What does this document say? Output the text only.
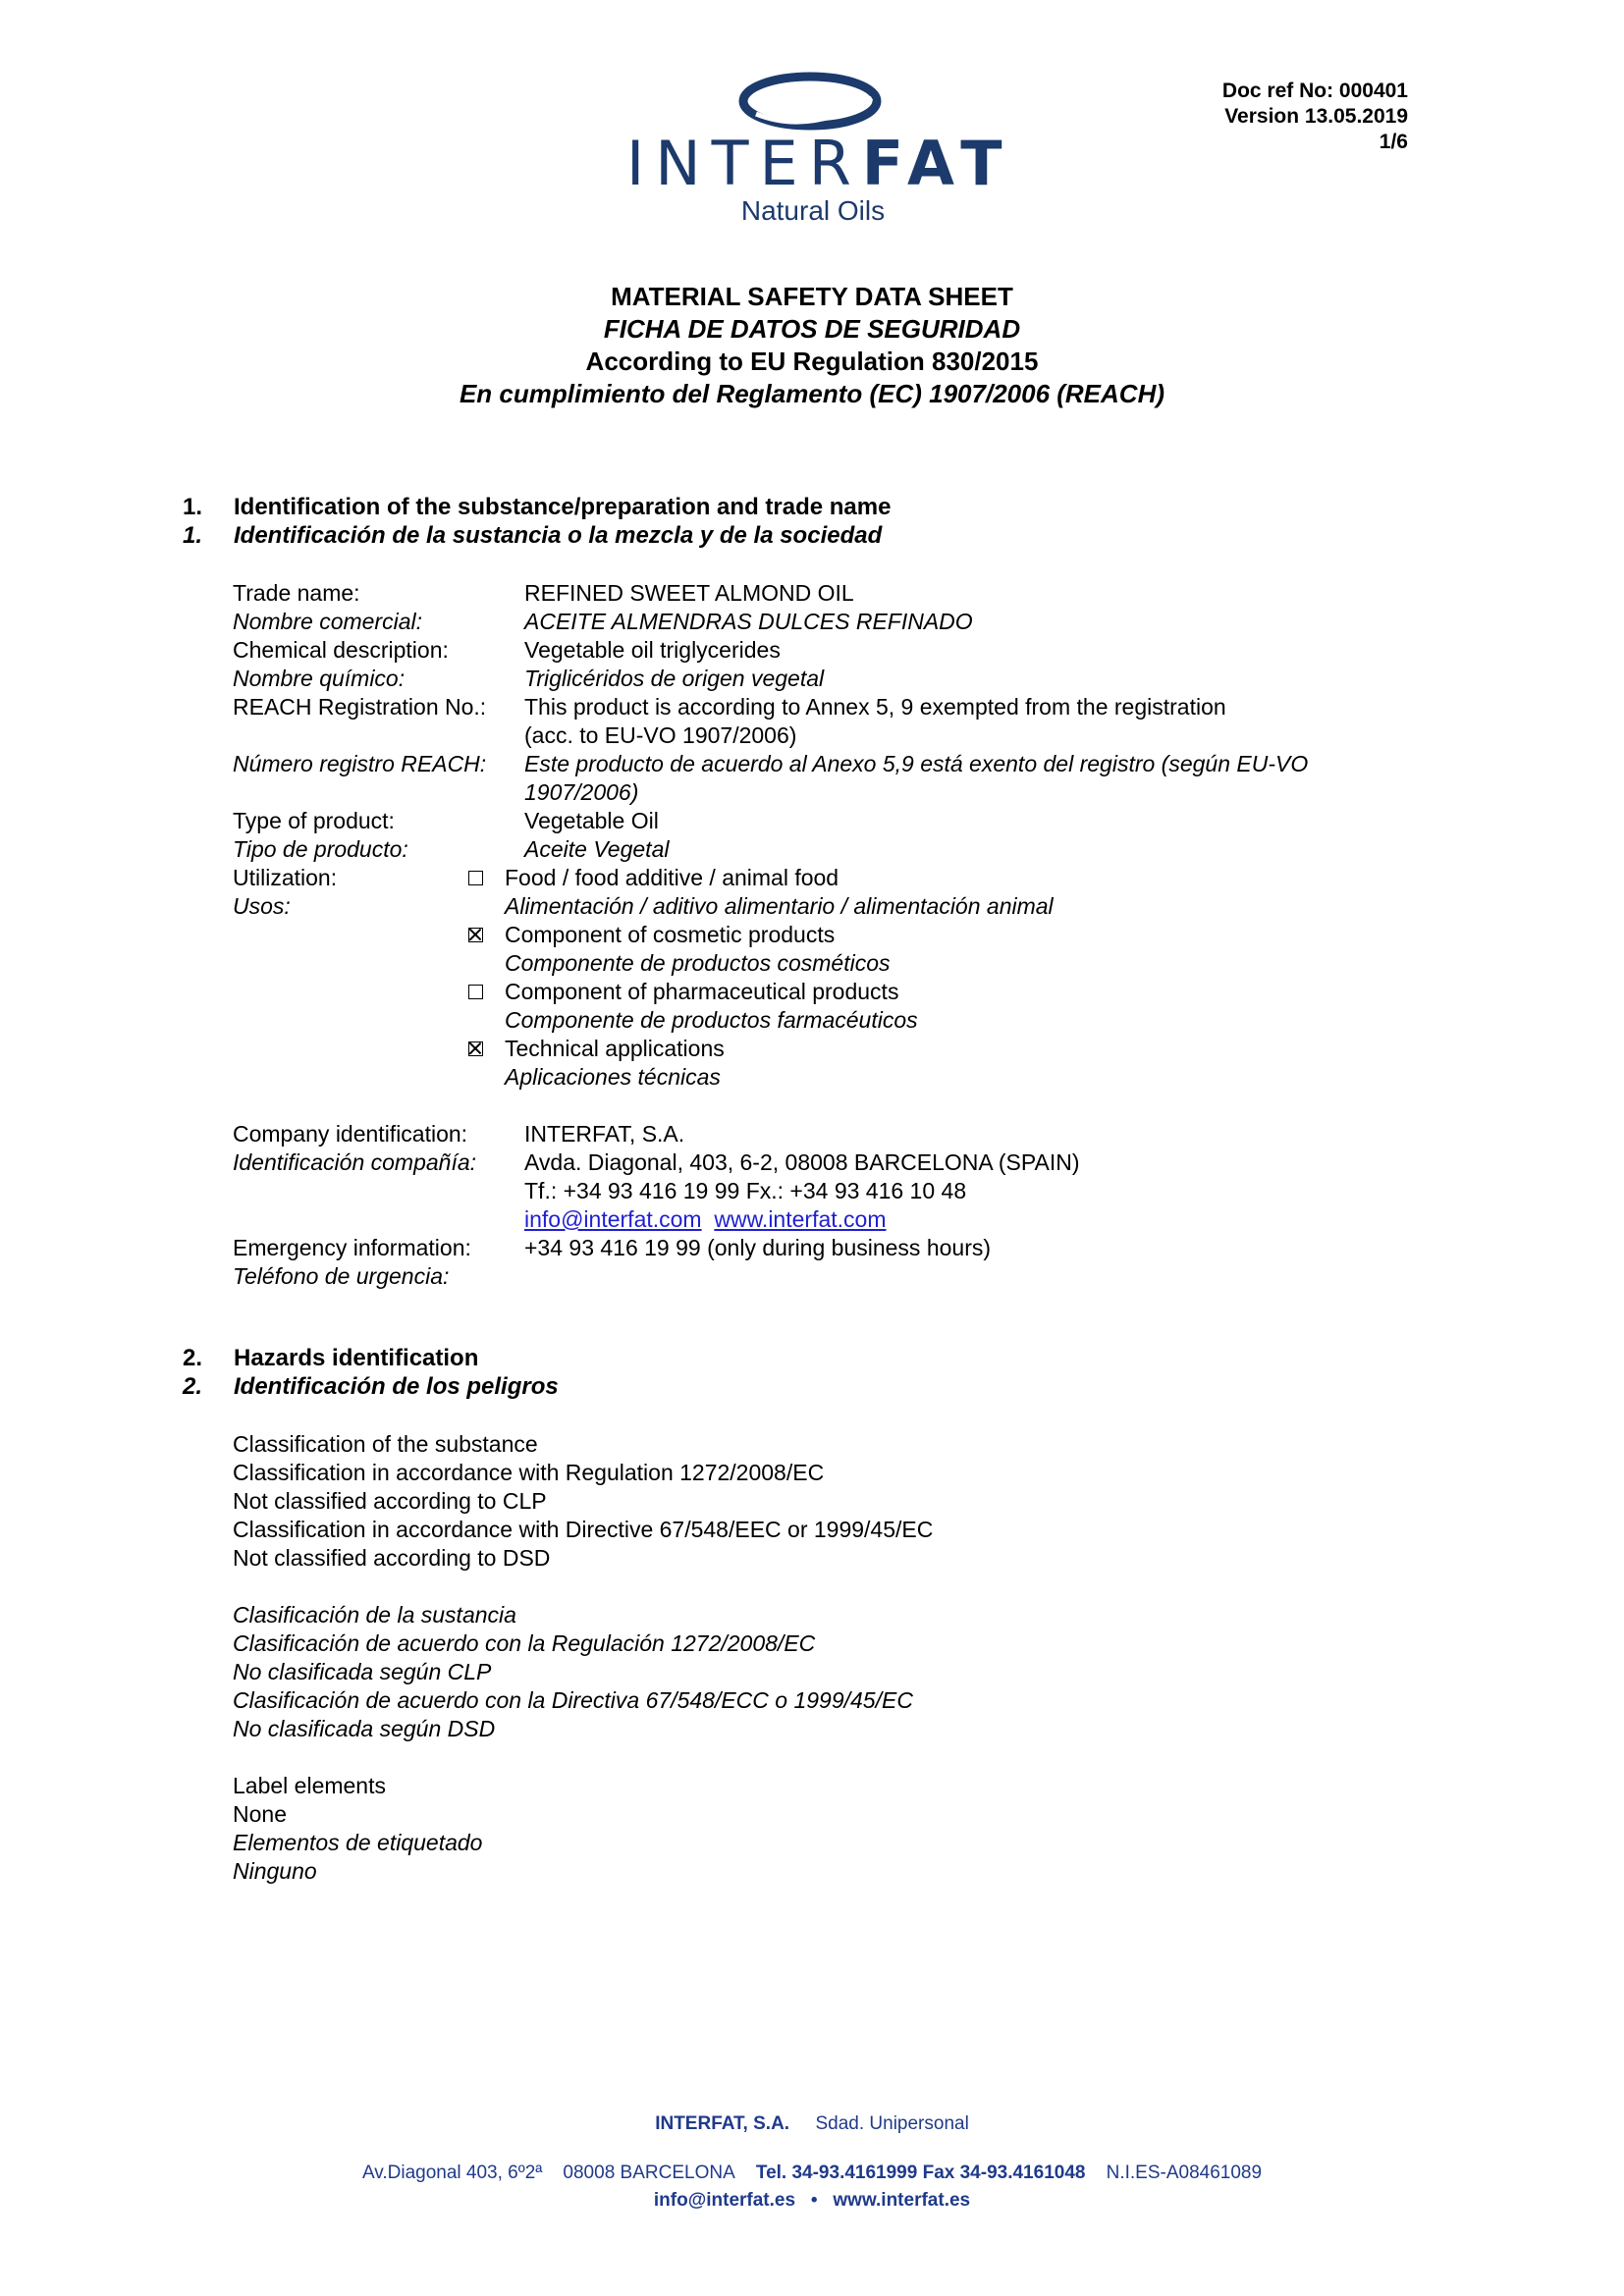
INTERFAT
Natural Oils
Doc ref No: 000401
Version 13.05.2019
1/6
MATERIAL SAFETY DATA SHEET
FICHA DE DATOS DE SEGURIDAD
According to EU Regulation 830/2015
En cumplimiento del Reglamento (EC) 1907/2006 (REACH)
1. Identification of the substance/preparation and trade name
1. Identificación de la sustancia o la mezcla y de la sociedad
Trade name:	REFINED SWEET ALMOND OIL
Nombre comercial:	ACEITE ALMENDRAS DULCES REFINADO
Chemical description:	Vegetable oil triglycerides
Nombre químico:	Triglicéridos de origen vegetal
REACH Registration No.: This product is according to Annex 5, 9 exempted from the registration
(acc. to EU-VO 1907/2006)
Número registro REACH: Este producto de acuerdo al Anexo 5,9 está exento del registro (según EU-VO
1907/2006)
Type of product:	Vegetable Oil
Tipo de producto:	Aceite Vegetal
Utilization:	Food / food additive / animal food
Usos:	Alimentación / aditivo alimentario / alimentación animal
Component of cosmetic products
Componente de productos cosméticos
Component of pharmaceutical products
Componente de productos farmacéuticos
Technical applications
Aplicaciones técnicas
Company identification:	INTERFAT, S.A.
Identificación compañía: Avda. Diagonal, 403, 6-2, 08008 BARCELONA (SPAIN)
Tf.: +34 93 416 19 99 Fx.: +34 93 416 10 48
info@interfat.com www.interfat.com
Emergency information: +34 93 416 19 99 (only during business hours)
Teléfono de urgencia:
2. Hazards identification
2. Identificación de los peligros
Classification of the substance
Classification in accordance with Regulation 1272/2008/EC
Not classified according to CLP
Classification in accordance with Directive 67/548/EEC or 1999/45/EC
Not classified according to DSD
Clasificación de la sustancia
Clasificación de acuerdo con la Regulación 1272/2008/EC
No clasificada según CLP
Clasificación de acuerdo con la Directiva 67/548/ECC o 1999/45/EC
No clasificada según DSD
Label elements
None
Elementos de etiquetado
Ninguno
INTERFAT, S.A. Sdad. Unipersonal
Av.Diagonal 403, 6º2ª 08008 BARCELONA Tel. 34-93.4161999 Fax 34-93.4161048 N.I.ES-A08461089
info@interfat.es • www.interfat.es
